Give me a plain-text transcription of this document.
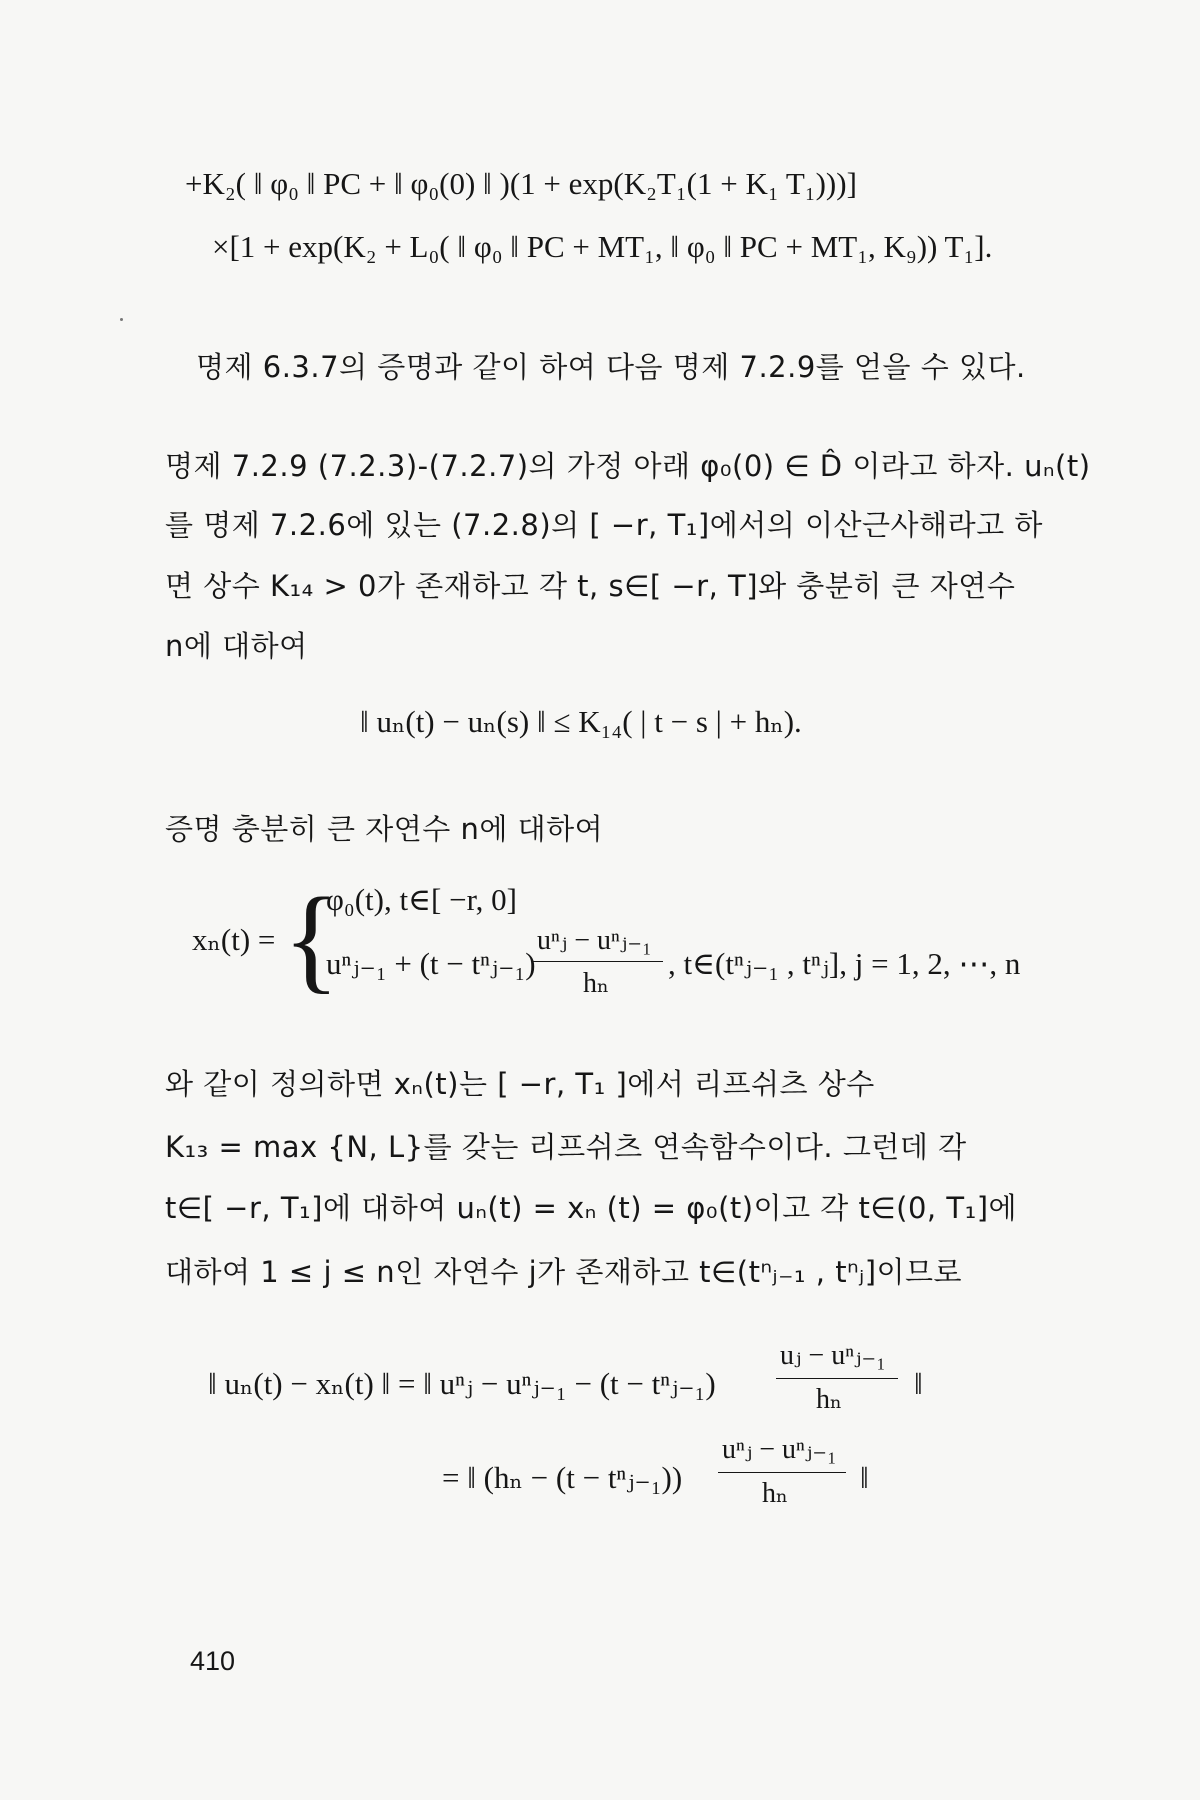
+K₂( ‖ φ₀ ‖ PC + ‖ φ₀(0) ‖ )(1 + exp(K₂T₁(1 + K₁ T₁)))]
×[1 + exp(K₂ + L₀( ‖ φ₀ ‖ PC + MT₁, ‖ φ₀ ‖ PC + MT₁, K₉)) T₁].
명제 6.3.7의 증명과 같이 하여 다음 명제 7.2.9를 얻을 수 있다.
명제 7.2.9 (7.2.3)-(7.2.7)의 가정 아래 φ₀(0) ∈ D̂ 이라고 하자. uₙ(t)
를 명제 7.2.6에 있는 (7.2.8)의 [ −r, T₁]에서의 이산근사해라고 하
면 상수 K₁₄ > 0가 존재하고 각 t, s∈[ −r, T]와 충분히 큰 자연수
n에 대하여
‖ uₙ(t) − uₙ(s) ‖ ≤ K₁₄( | t − s | + hₙ).
증명 충분히 큰 자연수 n에 대하여
xₙ(t) = {
φ₀(t), t∈[ −r, 0]
uⁿⱼ₋₁ + (t − tⁿⱼ₋₁)
uⁿⱼ − uⁿⱼ₋₁
hₙ
, t∈(tⁿⱼ₋₁ , tⁿⱼ], j = 1, 2, ⋯, n
와 같이 정의하면 xₙ(t)는 [ −r, T₁ ]에서 리프쉬츠 상수
K₁₃ = max {N, L}를 갖는 리프쉬츠 연속함수이다. 그런데 각
t∈[ −r, T₁]에 대하여 uₙ(t) = xₙ (t) = φ₀(t)이고 각 t∈(0, T₁]에
대하여 1 ≤ j ≤ n인 자연수 j가 존재하고 t∈(tⁿⱼ₋₁ , tⁿⱼ]이므로
‖ uₙ(t) − xₙ(t) ‖ = ‖ uⁿⱼ − uⁿⱼ₋₁ − (t − tⁿⱼ₋₁)
uⱼ − uⁿⱼ₋₁
hₙ ‖
= ‖ (hₙ − (t − tⁿⱼ₋₁))
uⁿⱼ − uⁿⱼ₋₁
hₙ ‖
410
